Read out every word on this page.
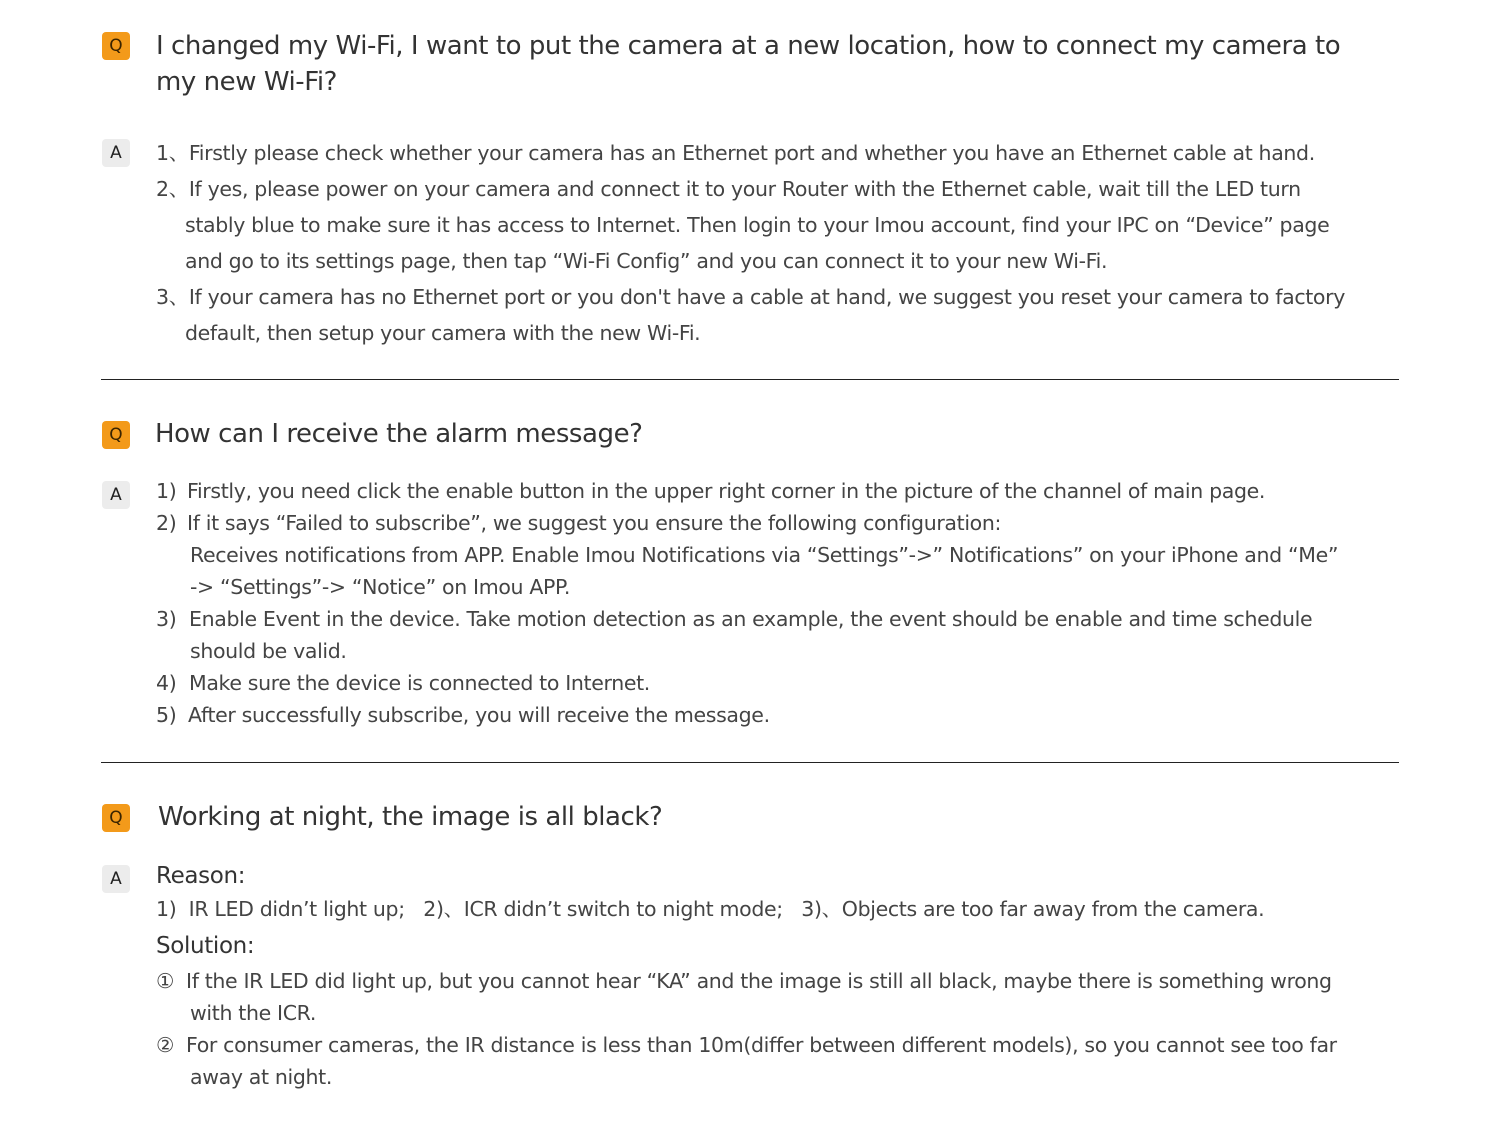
Q I changed my Wi-Fi, I want to put the camera at a new location, how to connect my camera to
my new Wi-Fi?
A	1、 Firstly please check whether your camera has an Ethernet port and whether you have an Ethernet cable at hand.
2、 If yes, please power on your camera and connect it to your Router with the Ethernet cable, wait till the LED turn
stably blue to make sure it has access to Internet. Then login to your Imou account, find your IPC on “Device” page
and go to its settings page, then tap “Wi-Fi Config” and you can connect it to your new Wi-Fi.
3、 If your camera has no Ethernet port or you don't have a cable at hand, we suggest you reset your camera to factory
default, then setup your camera with the new Wi-Fi.
Q How can I receive the alarm message?
A	1) Firstly, you need click the enable button in the upper right corner in the picture of the channel of main page.
2) If it says “Failed to subscribe”, we suggest you ensure the following configuration:
Receives notifications from APP. Enable Imou Notifications via “Settings”->” Notifications” on your iPhone and “Me”
-> “Settings”-> “Notice” on Imou APP.
3) Enable Event in the device. Take motion detection as an example, the event should be enable and time schedule
should be valid.
4) Make sure the device is connected to Internet.
5) After successfully subscribe, you will receive the message.
Q Working at night, the image is all black?
A	Reason:
1)  IR LED didn’t light up;   2)、ICR didn’t switch to night mode;   3)、Objects are too far away from the camera.
Solution:
① If the IR LED did light up, but you cannot hear “KA” and the image is still all black, maybe there is something wrong
with the ICR.
② For consumer cameras, the IR distance is less than 10m(differ between different models), so you cannot see too far
away at night.
